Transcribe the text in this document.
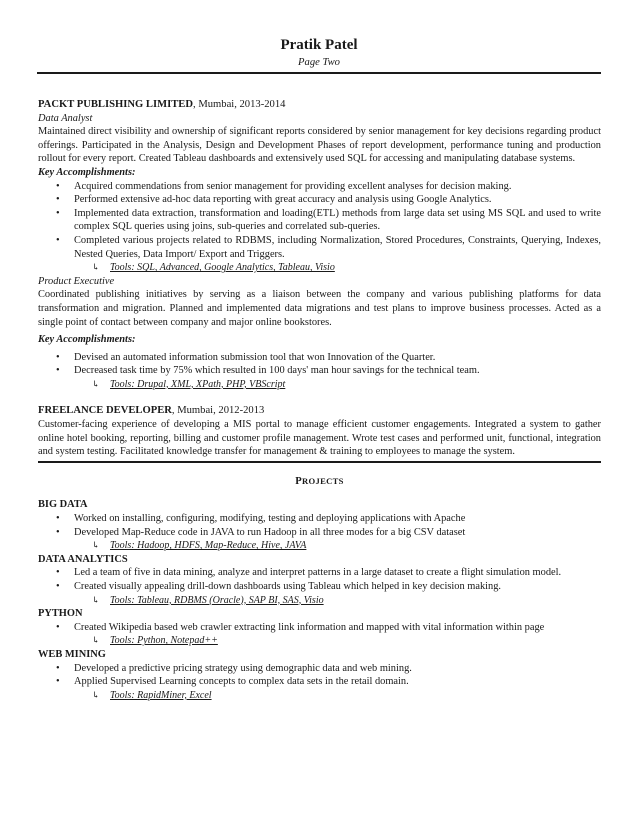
Pratik Patel
Page Two
PACKT PUBLISHING LIMITED, Mumbai, 2013-2014
Data Analyst
Maintained direct visibility and ownership of significant reports considered by senior management for key decisions regarding product offerings. Participated in the Analysis, Design and Development Phases of report development, performance tuning and production rollout for every report. Created Tableau dashboards and extensively used SQL for accessing and manipulating database systems.
Key Accomplishments:
• Acquired commendations from senior management for providing excellent analyses for decision making.
• Performed extensive ad-hoc data reporting with great accuracy and analysis using Google Analytics.
• Implemented data extraction, transformation and loading(ETL) methods from large data set using MS SQL and used to write complex SQL queries using joins, sub-queries and correlated sub-queries.
• Completed various projects related to RDBMS, including Normalization, Stored Procedures, Constraints, Querying, Indexes, Nested Queries, Data Import/ Export and Triggers.
↳ Tools: SQL, Advanced, Google Analytics, Tableau, Visio
Product Executive
Coordinated publishing initiatives by serving as a liaison between the company and various publishing platforms for data transformation and migration. Planned and implemented data migrations and test plans to improve business processes. Acted as a single point of contact between company and major online bookstores.
Key Accomplishments:
• Devised an automated information submission tool that won Innovation of the Quarter.
• Decreased task time by 75% which resulted in 100 days' man hour savings for the technical team.
↳ Tools: Drupal, XML, XPath, PHP, VBScript
FREELANCE DEVELOPER, Mumbai, 2012-2013
Customer-facing experience of developing a MIS portal to manage efficient customer engagements. Integrated a system to gather online hotel booking, reporting, billing and customer profile management. Wrote test cases and performed unit, functional, integration and system testing. Facilitated knowledge transfer for management & training to employees to manage the system.
PROJECTS
BIG DATA
• Worked on installing, configuring, modifying, testing and deploying applications with Apache
• Developed Map-Reduce code in JAVA to run Hadoop in all three modes for a big CSV dataset
↳ Tools: Hadoop, HDFS, Map-Reduce, Hive, JAVA
DATA ANALYTICS
• Led a team of five in data mining, analyze and interpret patterns in a large dataset to create a flight simulation model.
• Created visually appealing drill-down dashboards using Tableau which helped in key decision making.
↳ Tools: Tableau, RDBMS (Oracle), SAP BI, SAS, Visio
PYTHON
• Created Wikipedia based web crawler extracting link information and mapped with vital information within page
↳ Tools: Python, Notepad++
WEB MINING
• Developed a predictive pricing strategy using demographic data and web mining.
• Applied Supervised Learning concepts to complex data sets in the retail domain.
↳ Tools: RapidMiner, Excel
